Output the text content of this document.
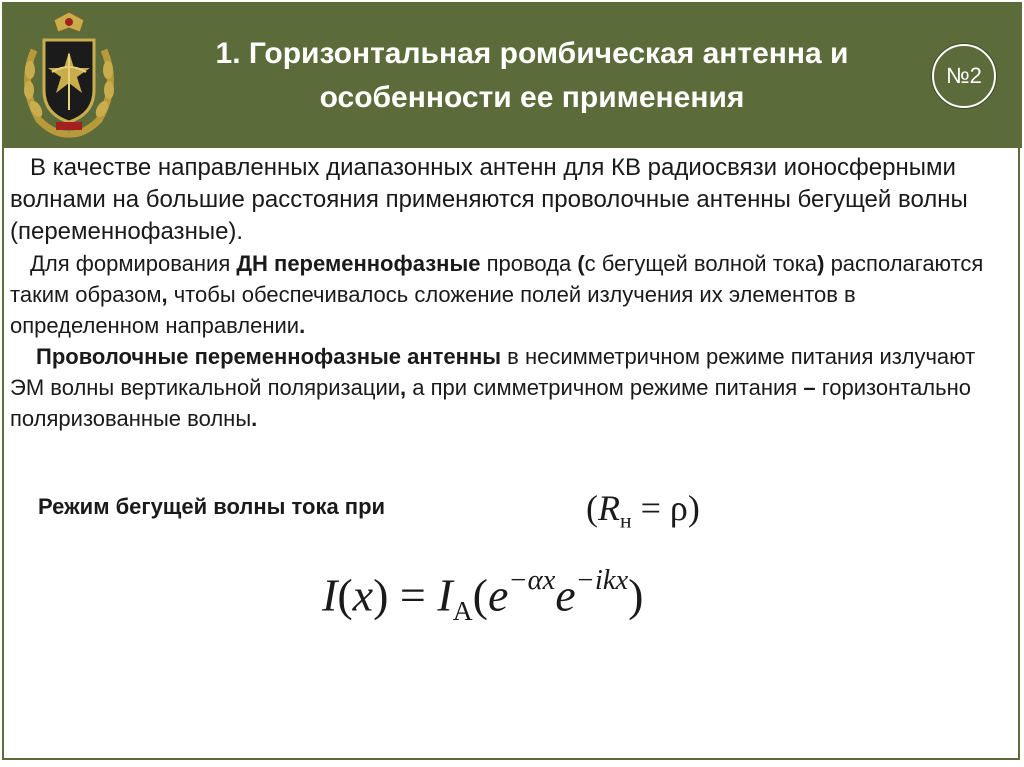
1. Горизонтальная ромбическая антенна и
особенности ее применения
№2

В качестве направленных диапазонных антенн для КВ радиосвязи ионосферными волнами на большие расстояния применяются проволочные антенны бегущей волны (переменнофазные).

Для формирования ДН переменнофазные провода (с бегущей волной тока) располагаются таким образом, чтобы обеспечивалось сложение полей излучения их элементов в определенном направлении.

Проволочные переменнофазные антенны в несимметричном режиме питания излучают ЭМ волны вертикальной поляризации, а при симметричном режиме питания – горизонтально поляризованные волны.

Режим бегущей волны тока при	$(R_н = \rho)$
$I(x) = I_A(e^{-\alpha x}e^{-ikx})$
